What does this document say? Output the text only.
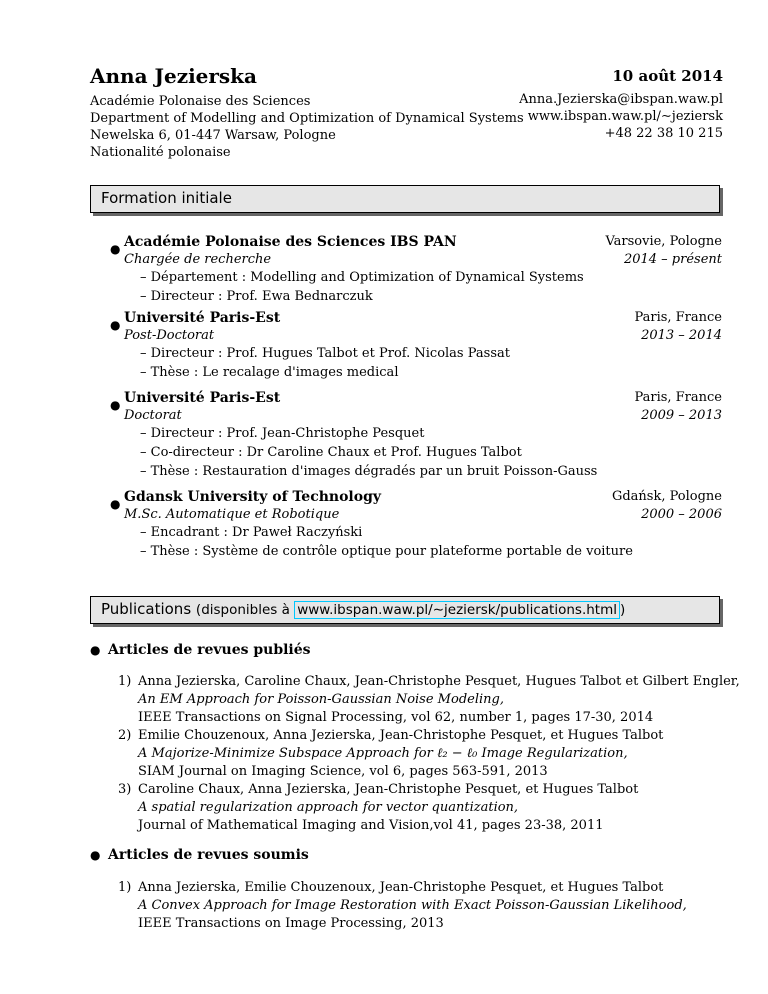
Anna Jezierska
Académie Polonaise des Sciences
Department of Modelling and Optimization of Dynamical Systems
Newelska 6, 01-447 Warsaw, Pologne
Nationalité polonaise
10 août 2014
Anna.Jezierska@ibspan.waw.pl
www.ibspan.waw.pl/∼jeziersk
+48 22 38 10 215
Formation initiale
● Académie Polonaise des Sciences IBS PAN
Chargée de recherche
Varsovie, Pologne
2014 – présent
– Département : Modelling and Optimization of Dynamical Systems
– Directeur : Prof. Ewa Bednarczuk
● Université Paris-Est
Post-Doctorat
Paris, France
2013 – 2014
– Directeur : Prof. Hugues Talbot et Prof. Nicolas Passat
– Thèse : Le recalage d'images medical
● Université Paris-Est
Doctorat
Paris, France
2009 – 2013
– Directeur : Prof. Jean-Christophe Pesquet
– Co-directeur : Dr Caroline Chaux et Prof. Hugues Talbot
– Thèse : Restauration d'images dégradés par un bruit Poisson-Gauss
● Gdansk University of Technology
M.Sc. Automatique et Robotique
Gdańsk, Pologne
2000 – 2006
– Encadrant : Dr Paweł Raczyński
– Thèse : Système de contrôle optique pour plateforme portable de voiture
Publications (disponibles à www.ibspan.waw.pl/∼jeziersk/publications.html )
● Articles de revues publiés
1) Anna Jezierska, Caroline Chaux, Jean-Christophe Pesquet, Hugues Talbot et Gilbert Engler,
An EM Approach for Poisson-Gaussian Noise Modeling,
IEEE Transactions on Signal Processing, vol 62, number 1, pages 17-30, 2014
2) Emilie Chouzenoux, Anna Jezierska, Jean-Christophe Pesquet, et Hugues Talbot
A Majorize-Minimize Subspace Approach for ℓ₂ − ℓ₀ Image Regularization,
SIAM Journal on Imaging Science, vol 6, pages 563-591, 2013
3) Caroline Chaux, Anna Jezierska, Jean-Christophe Pesquet, et Hugues Talbot
A spatial regularization approach for vector quantization,
Journal of Mathematical Imaging and Vision,vol 41, pages 23-38, 2011
● Articles de revues soumis
1) Anna Jezierska, Emilie Chouzenoux, Jean-Christophe Pesquet, et Hugues Talbot
A Convex Approach for Image Restoration with Exact Poisson-Gaussian Likelihood,
IEEE Transactions on Image Processing, 2013
